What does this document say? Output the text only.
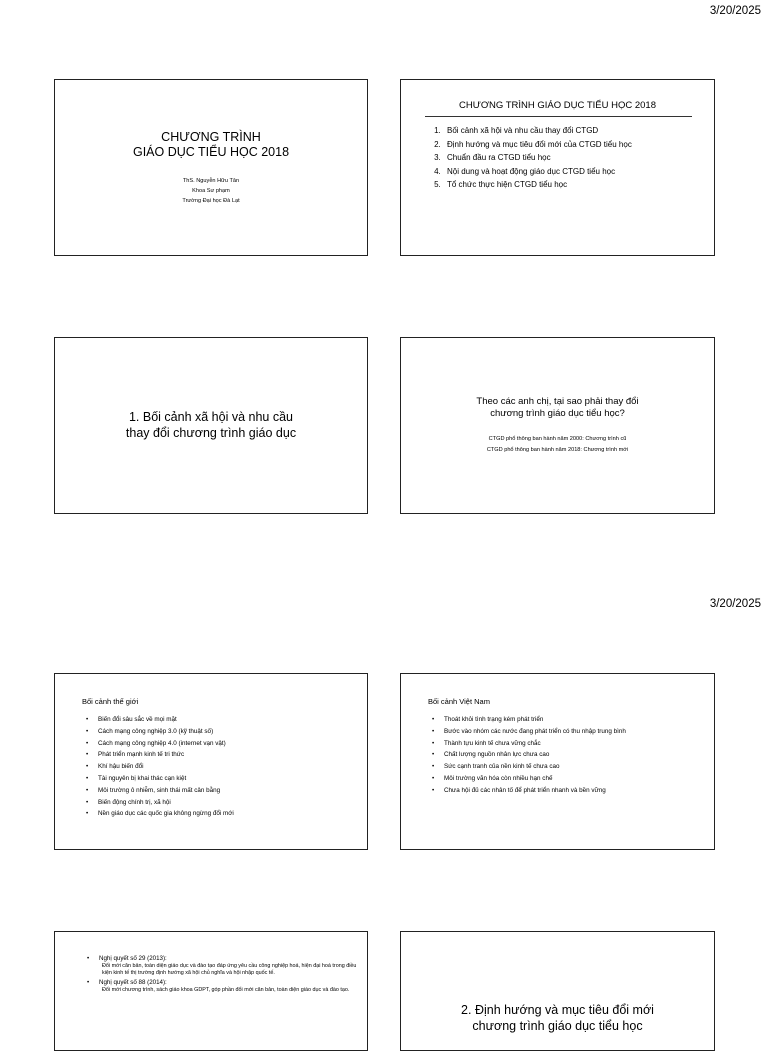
3/20/2025
CHƯƠNG TRÌNH
GIÁO DỤC TIỂU HỌC 2018
ThS. Nguyễn Hữu Tân
Khoa Sư phạm
Trường Đại học Đà Lạt
CHƯƠNG TRÌNH GIÁO DỤC TIỂU HỌC 2018
1. Bối cảnh xã hội và nhu cầu thay đổi CTGD
2. Định hướng và mục tiêu đổi mới của CTGD tiểu học
3. Chuẩn đầu ra CTGD tiểu học
4. Nội dung và hoạt động giáo dục CTGD tiểu học
5. Tổ chức thực hiện CTGD tiểu học
1. Bối cảnh xã hội và nhu cầu
thay đổi chương trình giáo dục
Theo các anh chị, tại sao phải thay đổi
chương trình giáo dục tiểu học?
CTGD phổ thông ban hành năm 2000: Chương trình cũ
CTGD phổ thông ban hành năm 2018: Chương trình mới
3/20/2025
Bối cảnh thế giới
• Biến đổi sâu sắc về mọi mặt
• Cách mạng công nghiệp 3.0 (kỹ thuật số)
• Cách mạng công nghiệp 4.0 (internet vạn vật)
• Phát triển mạnh kinh tế tri thức
• Khí hậu biến đổi
• Tài nguyên bị khai thác cạn kiệt
• Môi trường ô nhiễm, sinh thái mất cân bằng
• Biến động chính trị, xã hội
• Nền giáo dục các quốc gia không ngừng đổi mới
Bối cảnh Việt Nam
• Thoát khỏi tình trạng kém phát triển
• Bước vào nhóm các nước đang phát triển có thu nhập trung bình
• Thành tựu kinh tế chưa vững chắc
• Chất lượng nguồn nhân lực chưa cao
• Sức cạnh tranh của nền kinh tế chưa cao
• Môi trường văn hóa còn nhiều hạn chế
• Chưa hội đủ các nhân tố để phát triển nhanh và bền vững
• Nghị quyết số 29 (2013):
Đổi mới căn bản, toàn diện giáo dục và đào tạo đáp ứng yêu cầu công nghiệp hoá, hiện đại hoá trong điều kiện kinh tế thị trường định hướng xã hội chủ nghĩa và hội nhập quốc tế.
• Nghị quyết số 88 (2014):
Đổi mới chương trình, sách giáo khoa GDPT, góp phần đổi mới căn bản, toàn diện giáo dục và đào tạo.
2. Định hướng và mục tiêu đổi mới
chương trình giáo dục tiểu học
